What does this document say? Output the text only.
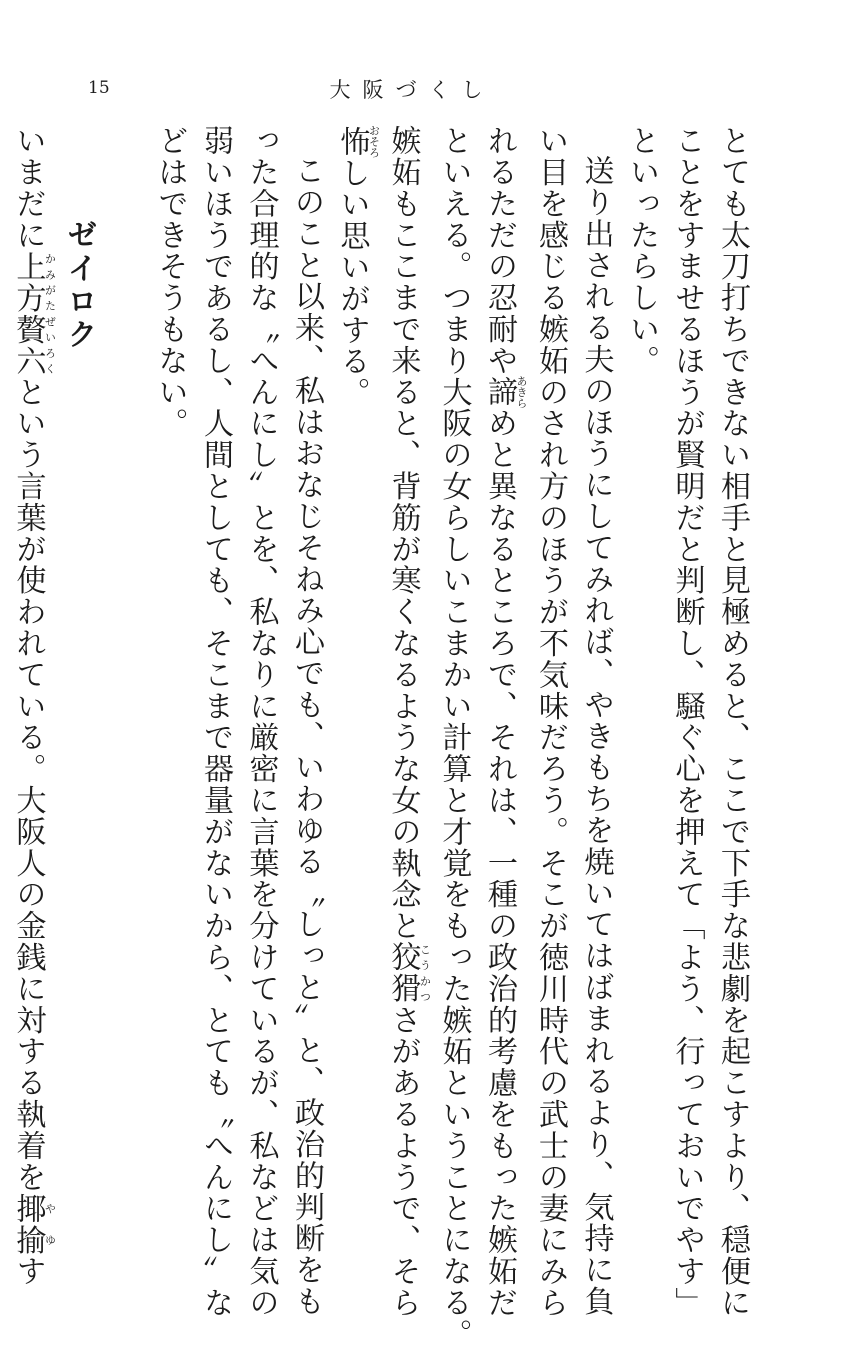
15	大阪づくし
とても太刀打ちできない相手と見極めると、ここで下手な悲劇を起こすより、穏便に
ことをすませるほうが賢明だと判断し、騒ぐ心を押えて「よう、行っておいでやす」
といったらしい。
送り出される夫のほうにしてみれば、やきもちを焼いてはばまれるより、気持に負
い目を感じる嫉妬のされ方のほうが不気味だろう。そこが徳川時代の武士の妻にみら
れるただの忍耐や諦あきらめと異なるところで、それは、一種の政治的考慮をもった嫉妬だ
といえる。つまり大阪の女らしいこまかい計算と才覚をもった嫉妬ということになる。
嫉妬もここまで来ると、背筋が寒くなるような女の執念と狡猾こうかつさがあるようで、そら
怖おそろしい思いがする。
このこと以来、私はおなじそねみ心でも、いわゆる〝しっと〟と、政治的判断をも
った合理的な〝へんにし〟とを、私なりに厳密に言葉を分けているが、私などは気の
弱いほうであるし、人間としても、そこまで器量がないから、とても〝へんにし〟な
どはできそうもない。
ゼイロク
いまだに上方贅六かみがたぜいろくという言葉が使われている。大阪人の金銭に対する執着を揶揄やゆす
